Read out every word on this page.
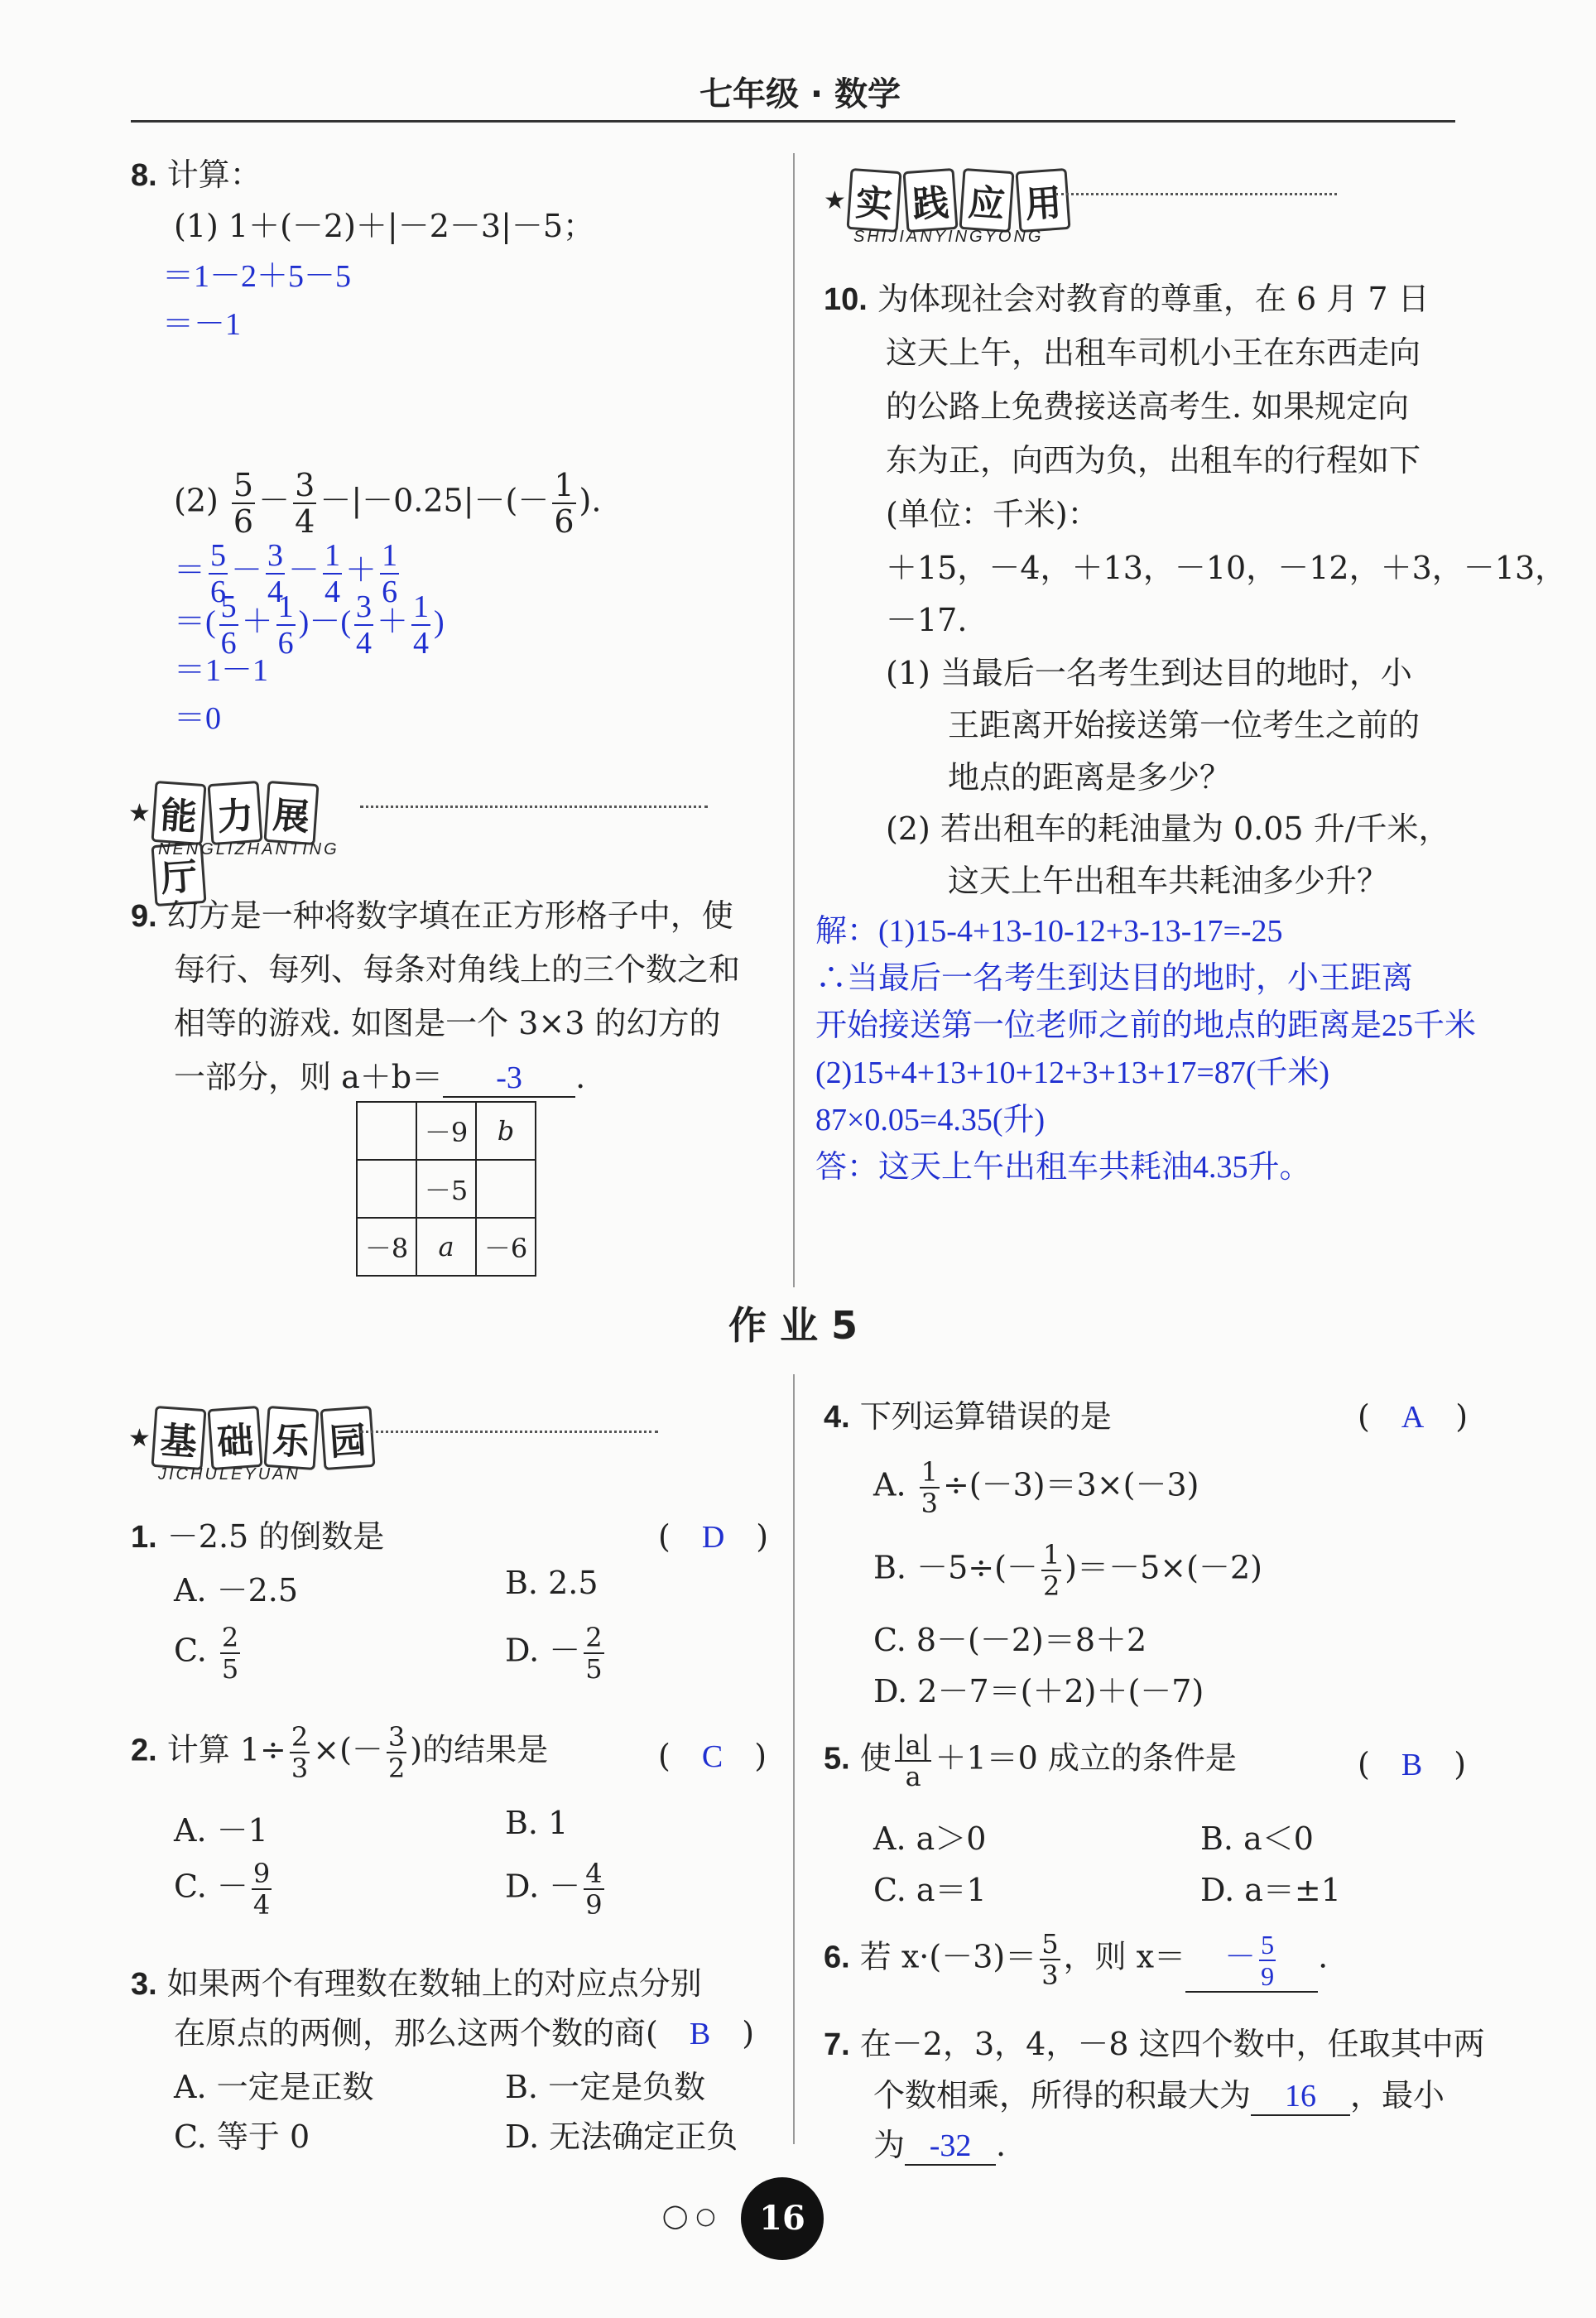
七年级 · 数学
8. 计算：
(1) 1＋(－2)＋|－2－3|－5；
＝1－2＋5－5
＝－1
$(2) \frac{5}{6} - \frac{3}{4} -|-0.25|-(- \frac{1}{6}$ ).
＝ $\frac{5}{6} - \frac{3}{4} - \frac{1}{4} + \frac{1}{6}$
＝( $\frac{5}{6} + \frac{1}{6}$ )－( $\frac{3}{4} + \frac{1}{4}$ )
＝1－1
＝0
★ 能 力 展厅
NENGLIZHANTING
9. 幻方是一种将数字填在正方形格子中，使
每行、每列、每条对角线上的三个数之和
相等的游戏. 如图是一个 3×3 的幻方的
一部分，则 a＋b＝ -3 .
	－9	b
	－5	
－8	a	－6
★ 实 践 应 用
SHIJIANYINGYONG
10. 为体现社会对教育的尊重，在 6 月 7 日
这天上午，出租车司机小王在东西走向
的公路上免费接送高考生. 如果规定向
东为正，向西为负，出租车的行程如下
(单位：千米)：
＋15，－4，＋13，－10，－12，＋3，－13，
－17.
(1) 当最后一名考生到达目的地时，小
王距离开始接送第一位考生之前的
地点的距离是多少？
(2) 若出租车的耗油量为 0.05 升/千米，
这天上午出租车共耗油多少升？
解：(1)15-4+13-10-12+3-13-17=-25
∴当最后一名考生到达目的地时，小王距离
开始接送第一位老师之前的地点的距离是25千米
(2)15+4+13+10+12+3+13+17=87(千米)
87×0.05=4.35(升)
答：这天上午出租车共耗油4.35升。
作 业 5
★ 基 础 乐 园
JICHULEYUAN
1. －2.5 的倒数是	(　D　)
A. －2.5	B. 2.5
C. $\frac{2}{5}$	D. － $\frac{2}{5}$
2. 计算 $1\div \frac{2}{3}$ ×(－ $\frac{3}{2}$ )的结果是	(　C　)
A. －1	B. 1
C. － $\frac{9}{4}$	D. － $\frac{4}{9}$
3. 如果两个有理数在数轴上的对应点分别
在原点的两侧，那么这两个数的商(　B　)
A. 一定是正数	B. 一定是负数
C. 等于 0	D. 无法确定正负
4. 下列运算错误的是	(　A　)
A. $\frac{1}{3} \div(-3)=3\times(-3)$
B. $-5\div(- \frac{1}{2} )=-5\times(-2)$
C. 8－(－2)＝8＋2
D. 2－7＝(＋2)＋(－7)
5. 使 $\frac{|a|}{a} +1=0$ 成立的条件是	(　B　)
A. a＞0	B. a＜0
C. a＝1	D. a＝±1
6. 若 $x\cdot(-3)= \frac{5}{3}$ ，则 $x= - \frac{5}{9}$ .
7. 在－2，3，4，－8 这四个数中，任取其中两
个数相乘，所得的积最大为 16 ，最小
为 -32 .
◯ ○	16
